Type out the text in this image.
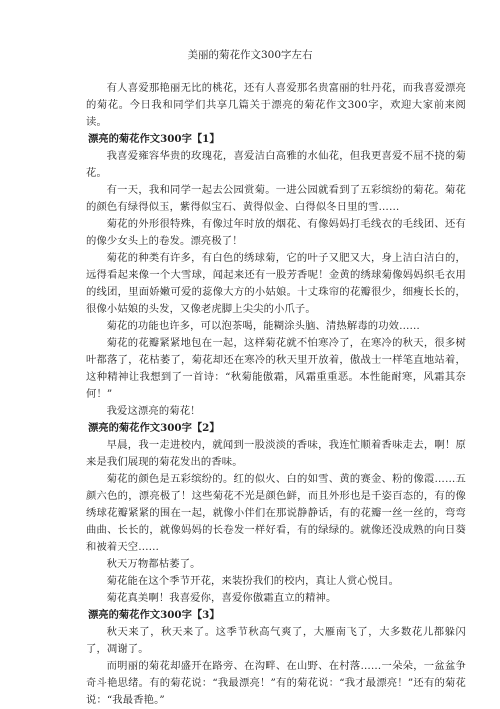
美丽的菊花作文300字左右

有人喜爱那艳丽无比的桃花，还有人喜爱那名贵富丽的牡丹花，而我喜爱漂亮的菊花。今日我和同学们共享几篇关于漂亮的菊花作文300字，欢迎大家前来阅读。

漂亮的菊花作文300字【1】

我喜爱雍容华贵的玫瑰花，喜爱洁白高雅的水仙花，但我更喜爱不屈不挠的菊花。

有一天，我和同学一起去公园赏菊。一进公园就看到了五彩缤纷的菊花。菊花的颜色有绿得似玉，紫得似宝石、黄得似金、白得似冬日里的雪……

菊花的外形很特殊，有像过年时放的烟花、有像妈妈打毛线衣的毛线团、还有的像少女头上的卷发。漂亮极了！

菊花的种类有许多，有白色的绣球菊，它的叶子又肥又大，身上洁白洁白的，远得看起来像一个大雪球，闻起来还有一股芳香呢！金黄的绣球菊像妈妈织毛衣用的线团，里面娇嫩可爱的蕊像大方的小姑娘。十丈珠帘的花瓣很少，细瘦长长的，很像小姑娘的头发，又像老虎脚上尖尖的小爪子。

菊花的功能也许多，可以泡茶喝，能糊涂头脑、清热解毒的功效……

菊花的花瓣紧紧地包在一起，这样菊花就不怕寒冷了，在寒冷的秋天，很多树叶都落了，花枯萎了，菊花却还在寒冷的秋天里开放着，傲战士一样笔直地站着，这种精神让我想到了一首诗：“秋菊能傲霜，风霜重重恶。本性能耐寒，风霜其奈何！”

我爱这漂亮的菊花！

漂亮的菊花作文300字【2】

早晨，我一走进校内，就闻到一股淡淡的香味，我连忙顺着香味走去，啊！原来是我们展现的菊花发出的香味。

菊花的颜色是五彩缤纷的。红的似火、白的如雪、黄的赛金、粉的像霞……五颜六色的，漂亮极了！这些菊花不光是颜色鲜，而且外形也是千姿百态的，有的像绣球花瓣紧紧的围在一起，就像小伴们在那说静静话，有的花瓣一丝一丝的，弯弯曲曲、长长的，就像妈妈的长卷发一样好看，有的绿绿的。就像还没成熟的向日葵和被着天空……

秋天万物都枯萎了。

菊花能在这个季节开花，来装扮我们的校内，真让人赏心悦目。

菊花真美啊！我喜爱你，喜爱你傲霜直立的精神。

漂亮的菊花作文300字【3】

秋天来了，秋天来了。这季节秋高气爽了，大雁南飞了，大多数花儿都躲闪了，凋谢了。

而明丽的菊花却盛开在路旁、在沟畔、在山野、在村落……一朵朵，一盆盆争奇斗艳思绪。有的菊花说：“我最漂亮！”有的菊花说：“我才最漂亮！”还有的菊花说：“我最香艳。”
